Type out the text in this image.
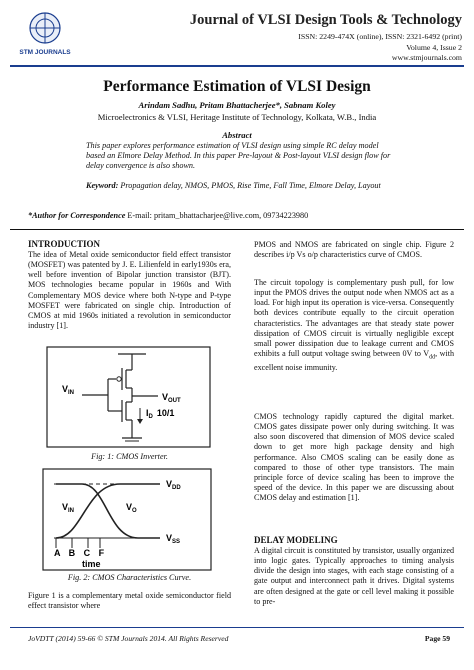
STM JOURNALS
Journal of VLSI Design Tools & Technology
ISSN: 2249-474X (online), ISSN: 2321-6492 (print)
Volume 4, Issue 2
www.stmjournals.com
Performance Estimation of VLSI Design
Arindam Sadhu, Pritam Bhattacherjee*, Sabnam Koley
Microelectronics & VLSI, Heritage Institute of Technology, Kolkata, W.B., India
Abstract
This paper explores performance estimation of VLSI design using simple RC delay model based an Elmore Delay Method. In this paper Pre-layout & Post-layout VLSI design flow for delay convergence is also shown.
Keyword: Propagation delay, NMOS, PMOS, Rise Time, Fall Time, Elmore Delay, Layout
*Author for Correspondence E-mail: pritam_bhattacharjee@live.com, 09734223980
INTRODUCTION
The idea of Metal oxide semiconductor field effect transistor (MOSFET) was patented by J. E. Lilienfeld in early1930s era, well before invention of Bipolar junction transistor (BJT). MOS technologies became popular in 1960s and With Complementary MOS device where both N-type and P-type MOSFET were fabricated on single chip. Introduction of CMOS at mid 1960s initiated a revolution in semiconductor industry [1].
$V_{IN}$	$V_{OUT}$
$I_D$ 10/1
Fig: 1: CMOS Inverter.
$V_{DD}$
$V_{IN}$	$V_O$
$V_{SS}$
A B C F
time
Fig. 2: CMOS Characteristics Curve.
Figure 1 is a complementary metal oxide semiconductor field effect transistor where
PMOS and NMOS are fabricated on single chip. Figure 2 describes i/p Vs o/p characteristics curve of CMOS.
The circuit topology is complementary push pull, for low input the PMOS drives the output node when NMOS act as a load. For high input its operation is vice-versa. Consequently both devices contribute equally to the circuit operation characteristics. The advantages are that steady state power dissipation of CMOS circuit is virtually negligible except small power dissipation due to leakage current and CMOS exhibits a full output voltage swing between 0V to $V_{dd}$, with excellent noise immunity.
CMOS technology rapidly captured the digital market. CMOS gates dissipate power only during switching. It was also soon discovered that dimension of MOS device scaled down to get more high package density and high performance. Also CMOS scaling can be easily done as compared to those of other type transistors. The main principle force of device scaling has been to improve the speed of the device. In this paper we are discussing about CMOS delay and estimation [1].
DELAY MODELING
A digital circuit is constituted by transistor, usually organized into logic gates. Typically approaches to timing analysis divide the design into stages, with each stage consisting of a gate output and interconnect path it drives. Digital systems are often designed at the gate or cell level making it possible to pre-
JoVDTT (2014) 59-66 © STM Journals 2014. All Rights Reserved	Page 59
